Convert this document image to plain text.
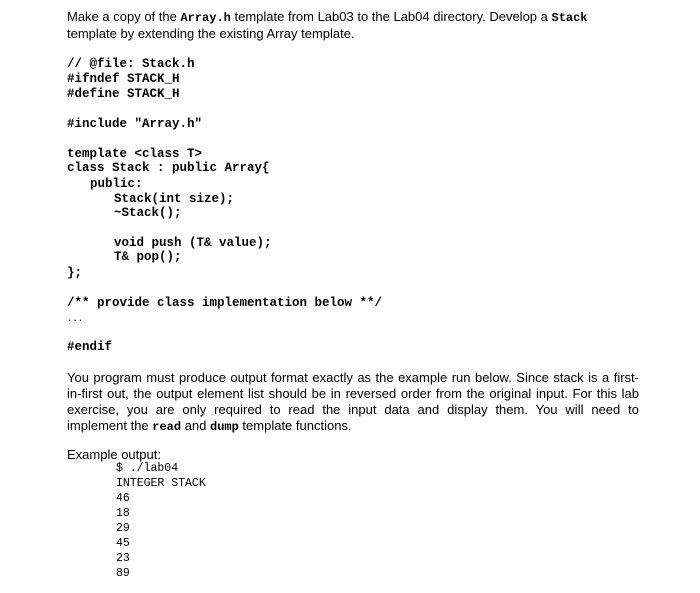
Make a copy of the Array.h template from Lab03 to the Lab04 directory. Develop a Stack
template by extending the existing Array template.
// @file: Stack.h
#ifndef STACK_H
#define STACK_H
#include "Array.h"
template <class T>
class Stack : public Array{
public:
Stack(int size);
~Stack();
void push (T& value);
T& pop();
};
/** provide class implementation below **/
...
#endif
You program must produce output format exactly as the example run below. Since stack is a first-
in-first out, the output element list should be in reversed order from the original input. For this lab
exercise, you are only required to read the input data and display them. You will need to
implement the read and dump template functions.
Example output:
$ ./lab04
INTEGER STACK
46
18
29
45
23
89
